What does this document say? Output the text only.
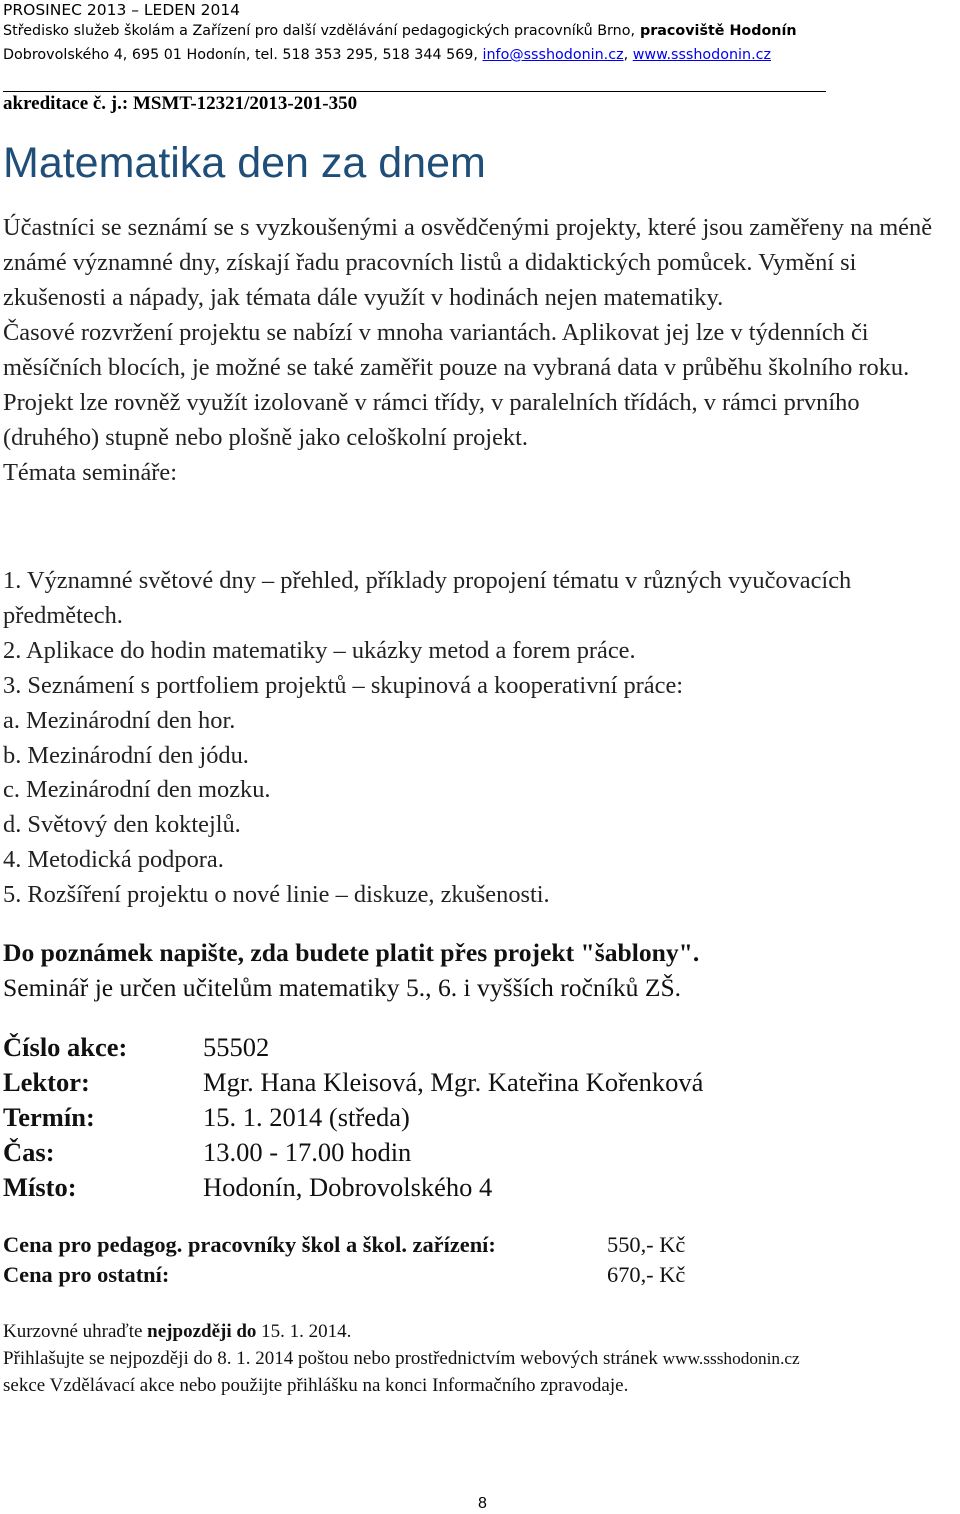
PROSINEC 2013 – LEDEN 2014
Středisko služeb školám a Zařízení pro další vzdělávání pedagogických pracovníků Brno, pracoviště Hodonín
Dobrovolského 4, 695 01 Hodonín, tel. 518 353 295, 518 344 569, info@ssshodonin.cz, www.ssshodonin.cz
akreditace č. j.: MSMT-12321/2013-201-350
Matematika den za dnem

Účastníci se seznámí se s vyzkoušenými a osvědčenými projekty, které jsou zaměřeny na méně známé významné dny, získají řadu pracovních listů a didaktických pomůcek. Vymění si zkušenosti a nápady, jak témata dále využít v hodinách nejen matematiky.

Časové rozvržení projektu se nabízí v mnoha variantách. Aplikovat jej lze v týdenních či měsíčních blocích, je možné se také zaměřit pouze na vybraná data v průběhu školního roku. Projekt lze rovněž využít izolovaně v rámci třídy, v paralelních třídách, v rámci prvního (druhého) stupně nebo plošně jako celoškolní projekt.

Témata semináře:

1. Významné světové dny – přehled, příklady propojení tématu v různých vyučovacích předmětech.
2. Aplikace do hodin matematiky – ukázky metod a forem práce.
3. Seznámení s portfoliem projektů – skupinová a kooperativní práce:
a. Mezinárodní den hor.
b. Mezinárodní den jódu.
c. Mezinárodní den mozku.
d. Světový den koktejlů.
4. Metodická podpora.
5. Rozšíření projektu o nové linie – diskuze, zkušenosti.
Do poznámek napište, zda budete platit přes projekt "šablony".
Seminář je určen učitelům matematiky 5., 6. i vyšších ročníků ZŠ.
Číslo akce:	55502
Lektor:	Mgr. Hana Kleisová, Mgr. Kateřina Kořenková
Termín:	15. 1. 2014 (středa)
Čas:	13.00 - 17.00 hodin
Místo:	Hodonín, Dobrovolského 4
Cena pro pedagog. pracovníky škol a škol. zařízení:	550,- Kč
Cena pro ostatní:	670,- Kč
Kurzovné uhraďte nejpozději do 15. 1. 2014.
Přihlašujte se nejpozději do 8. 1. 2014 poštou nebo prostřednictvím webových stránek www.ssshodonin.cz
sekce Vzdělávací akce nebo použijte přihlášku na konci Informačního zpravodaje.
8
